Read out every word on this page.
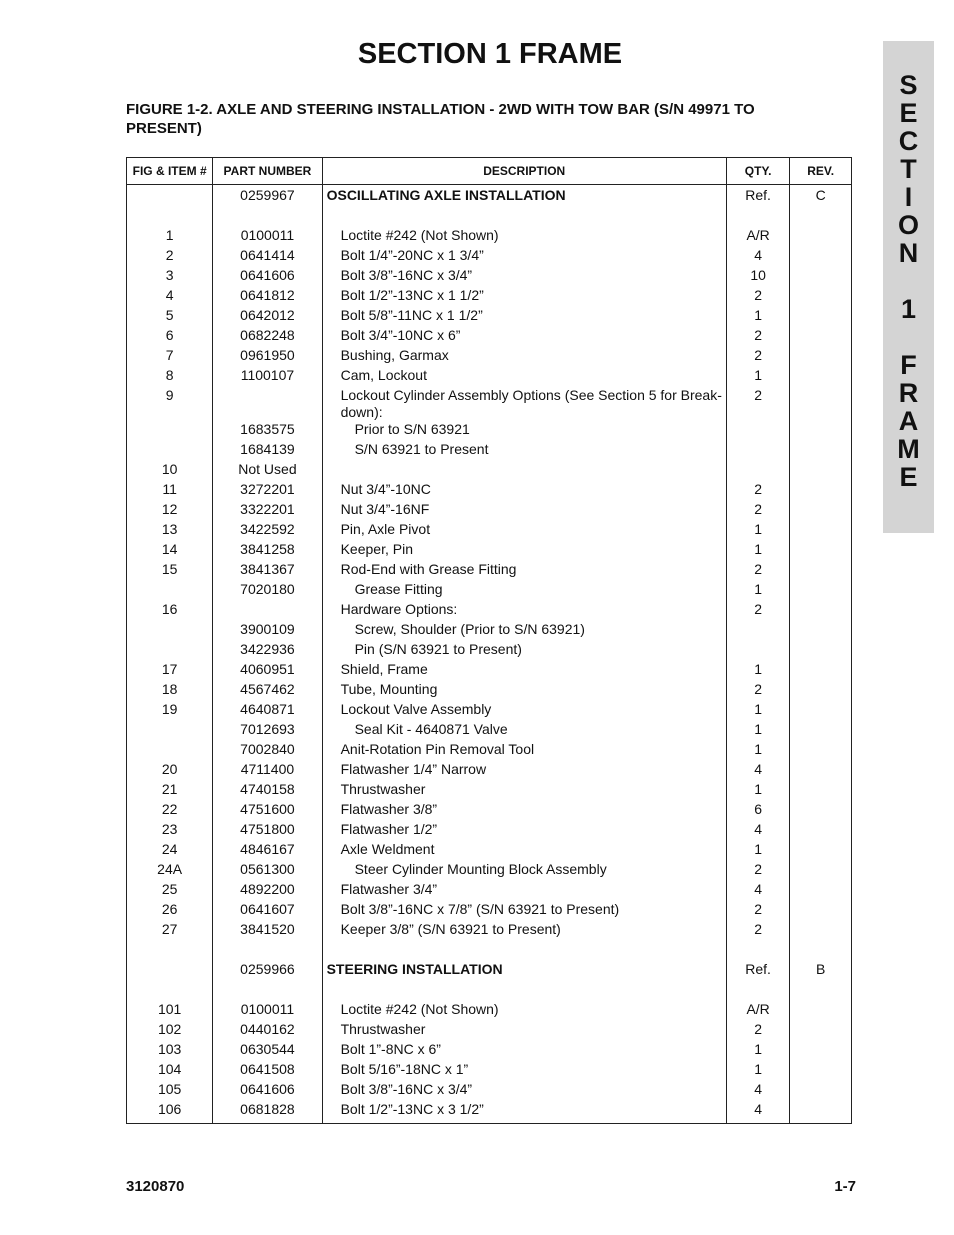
SECTION 1 FRAME
S
E
C
T
I
O
N
1
F
R
A
M
E
FIGURE 1-2. AXLE AND STEERING INSTALLATION - 2WD WITH TOW BAR (S/N 49971 TO PRESENT)
FIG & ITEM #	PART NUMBER	DESCRIPTION	QTY.	REV.
	0259967	OSCILLATING AXLE INSTALLATION	Ref.	C

1	0100011	Loctite #242 (Not Shown)	A/R	
2	0641414	Bolt 1/4”-20NC x 1 3/4”	4	
3	0641606	Bolt 3/8”-16NC x 3/4”	10	
4	0641812	Bolt 1/2”-13NC x 1 1/2”	2	
5	0642012	Bolt 5/8”-11NC x 1 1/2”	1	
6	0682248	Bolt 3/4”-10NC x 6”	2	
7	0961950	Bushing, Garmax	2	
8	1100107	Cam, Lockout	1	
9		Lockout Cylinder Assembly Options (See Section 5 for Break-down):	2	
	1683575	Prior to S/N 63921		

	1684139	S/N 63921 to Present		

10	Not Used	

11	3272201	Nut 3/4”-10NC	2	
12	3322201	Nut 3/4”-16NF	2	
13	3422592	Pin, Axle Pivot	1	
14	3841258	Keeper, Pin	1	
15	3841367	Rod-End with Grease Fitting	2	
	7020180	Grease Fitting	1	
16		Hardware Options:	2	
	3900109	Screw, Shoulder (Prior to S/N 63921)		

	3422936	Pin (S/N 63921 to Present)		

17	4060951	Shield, Frame	1	
18	4567462	Tube, Mounting	2	
19	4640871	Lockout Valve Assembly	1	
	7012693	Seal Kit - 4640871 Valve	1	
	7002840	Anit-Rotation Pin Removal Tool	1	
20	4711400	Flatwasher 1/4” Narrow	4	
21	4740158	Thrustwasher	1	
22	4751600	Flatwasher 3/8”	6	
23	4751800	Flatwasher 1/2”	4	
24	4846167	Axle Weldment	1	
24A	0561300	Steer Cylinder Mounting Block Assembly	2	
25	4892200	Flatwasher 3/4”	4	
26	0641607	Bolt 3/8”-16NC x 7/8” (S/N 63921 to Present)	2	
27	3841520	Keeper 3/8” (S/N 63921 to Present)	2	

	0259966	STEERING INSTALLATION	Ref.	B

101	0100011	Loctite #242 (Not Shown)	A/R	
102	0440162	Thrustwasher	2	
103	0630544	Bolt 1”-8NC x 6”	1	
104	0641508	Bolt 5/16”-18NC x 1”	1	
105	0641606	Bolt 3/8”-16NC x 3/4”	4	
106	0681828	Bolt 1/2”-13NC x 3 1/2”	4	
3120870	1-7
